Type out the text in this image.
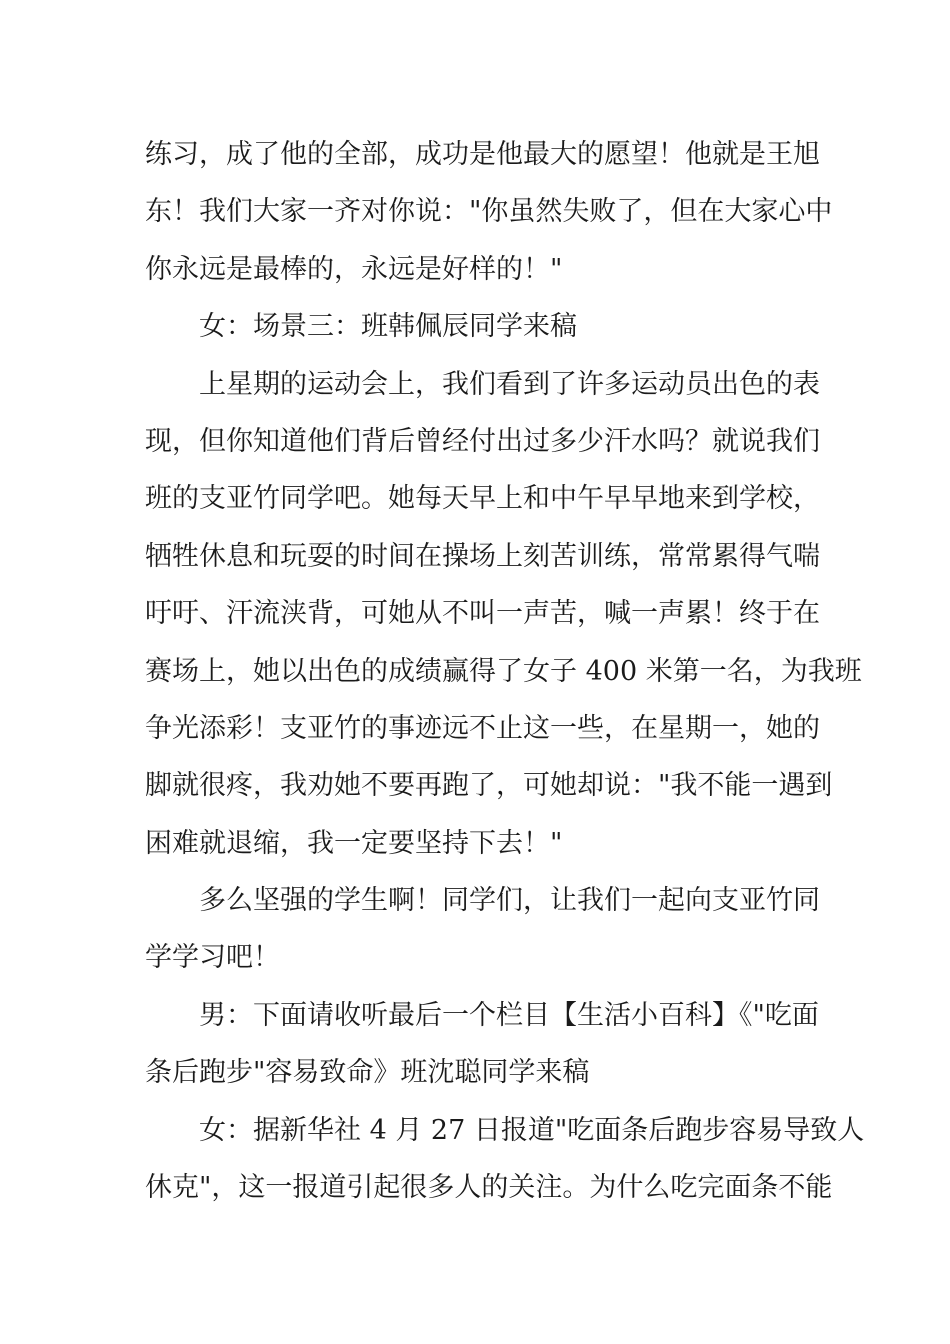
练习，成了他的全部，成功是他最大的愿望！他就是王旭
东！我们大家一齐对你说："你虽然失败了，但在大家心中
你永远是最棒的，永远是好样的！"
女：场景三：班韩佩辰同学来稿
上星期的运动会上，我们看到了许多运动员出色的表
现，但你知道他们背后曾经付出过多少汗水吗？就说我们
班的支亚竹同学吧。她每天早上和中午早早地来到学校，
牺牲休息和玩耍的时间在操场上刻苦训练，常常累得气喘
吁吁、汗流浃背，可她从不叫一声苦，喊一声累！终于在
赛场上，她以出色的成绩赢得了女子 400 米第一名，为我班
争光添彩！支亚竹的事迹远不止这一些，在星期一，她的
脚就很疼，我劝她不要再跑了，可她却说："我不能一遇到
困难就退缩，我一定要坚持下去！"
多么坚强的学生啊！同学们，让我们一起向支亚竹同
学学习吧！
男：下面请收听最后一个栏目【生活小百科】《"吃面
条后跑步"容易致命》班沈聪同学来稿
女：据新华社 4 月 27 日报道"吃面条后跑步容易导致人
休克"，这一报道引起很多人的关注。为什么吃完面条不能
